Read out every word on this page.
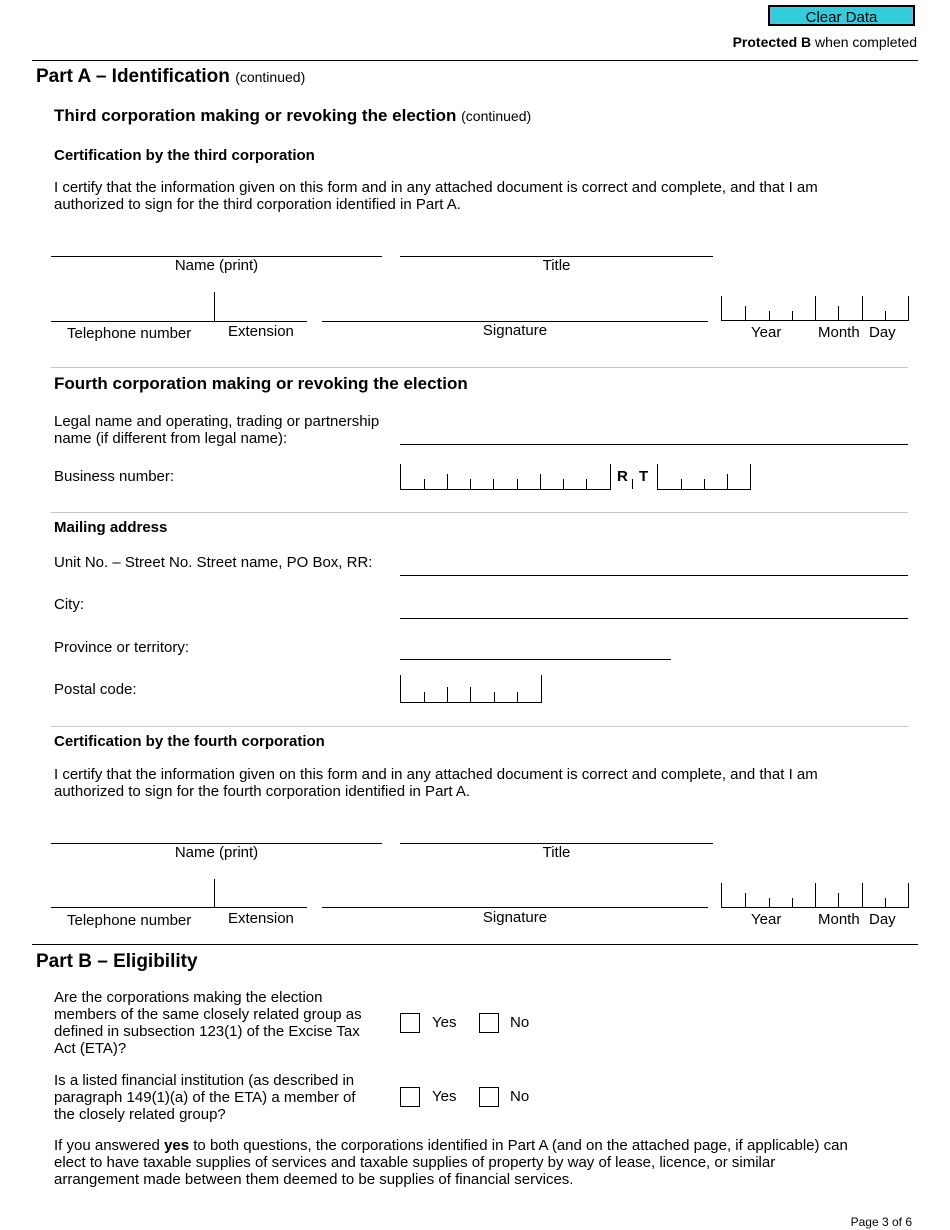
Clear Data
Protected B when completed
Part A – Identification (continued)
Third corporation making or revoking the election (continued)
Certification by the third corporation
I certify that the information given on this form and in any attached document is correct and complete, and that I am
authorized to sign for the third corporation identified in Part A.
Name (print)	Title
Telephone number Extension	Signature	Year Month Day
Fourth corporation making or revoking the election
Legal name and operating, trading or partnership
name (if different from legal name):
Business number:	R T
Mailing address
Unit No. – Street No. Street name, PO Box, RR:
City:
Province or territory:
Postal code:
Certification by the fourth corporation
I certify that the information given on this form and in any attached document is correct and complete, and that I am
authorized to sign for the fourth corporation identified in Part A.
Name (print)	Title
Telephone number Extension	Signature	Year Month Day
Part B – Eligibility
Are the corporations making the election
members of the same closely related group as
defined in subsection 123(1) of the Excise Tax
Act (ETA)?
Yes	No
Is a listed financial institution (as described in
paragraph 149(1)(a) of the ETA) a member of
the closely related group?
Yes	No
If you answered yes to both questions, the corporations identified in Part A (and on the attached page, if applicable) can
elect to have taxable supplies of services and taxable supplies of property by way of lease, licence, or similar
arrangement made between them deemed to be supplies of financial services.
Page 3 of 6
